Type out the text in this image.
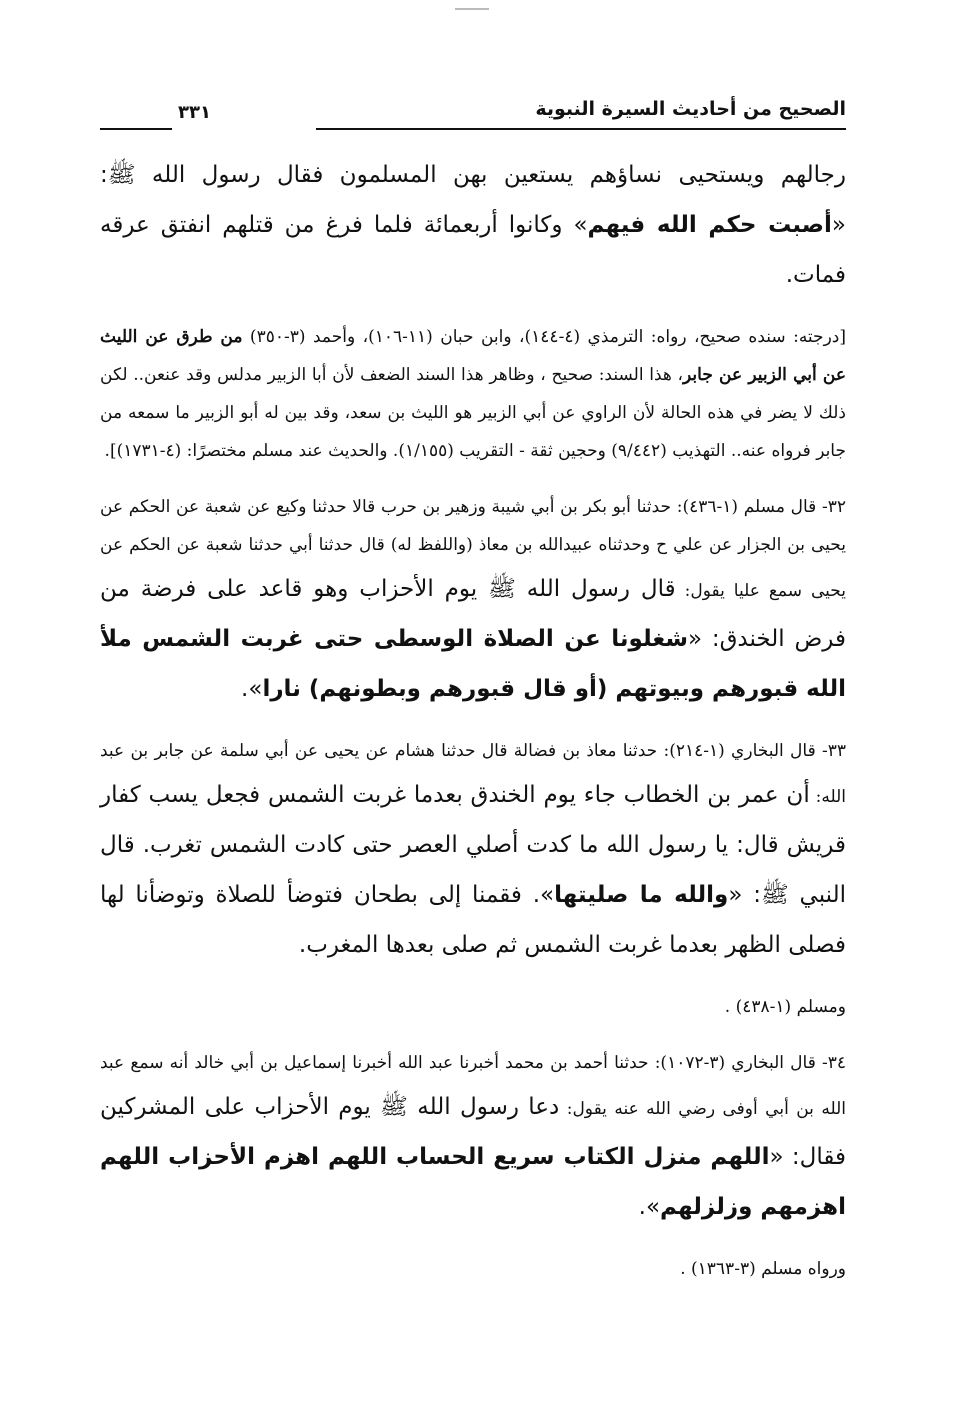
الصحيح من أحاديث السيرة النبوية
٣٣١

رجالهم ويستحيى نساؤهم يستعين بهن المسلمون فقال رسول الله ﷺ: «أصبت حكم الله فيهم» وكانوا أربعمائة فلما فرغ من قتلهم انفتق عرقه فمات.

[درجته: سنده صحيح، رواه: الترمذي (٤-١٤٤)، وابن حبان (١١-١٠٦)، وأحمد (٣-٣٥٠) من طرق عن الليث عن أبي الزبير عن جابر، هذا السند: صحيح ، وظاهر هذا السند الضعف لأن أبا الزبير مدلس وقد عنعن.. لكن ذلك لا يضر في هذه الحالة لأن الراوي عن أبي الزبير هو الليث بن سعد، وقد بين له أبو الزبير ما سمعه من جابر فرواه عنه.. التهذيب (٩/٤٤٢) وحجين ثقة - التقريب (١/١٥٥). والحديث عند مسلم مختصرًا: (٤-١٧٣١)].

٣٢- قال مسلم (١-٤٣٦): حدثنا أبو بكر بن أبي شيبة وزهير بن حرب قالا حدثنا وكيع عن شعبة عن الحكم عن يحيى بن الجزار عن علي ح وحدثناه عبيدالله بن معاذ (واللفظ له) قال حدثنا أبي حدثنا شعبة عن الحكم عن يحيى سمع عليا يقول: قال رسول الله ﷺ يوم الأحزاب وهو قاعد على فرضة من فرض الخندق: «شغلونا عن الصلاة الوسطى حتى غربت الشمس ملأ الله قبورهم وبيوتهم (أو قال قبورهم وبطونهم) نارا».

٣٣- قال البخاري (١-٢١٤): حدثنا معاذ بن فضالة قال حدثنا هشام عن يحيى عن أبي سلمة عن جابر بن عبد الله: أن عمر بن الخطاب جاء يوم الخندق بعدما غربت الشمس فجعل يسب كفار قريش قال: يا رسول الله ما كدت أصلي العصر حتى كادت الشمس تغرب. قال النبي ﷺ: «والله ما صليتها». فقمنا إلى بطحان فتوضأ للصلاة وتوضأنا لها فصلى الظهر بعدما غربت الشمس ثم صلى بعدها المغرب.

ومسلم (١-٤٣٨) .

٣٤- قال البخاري (٣-١٠٧٢): حدثنا أحمد بن محمد أخبرنا عبد الله أخبرنا إسماعيل بن أبي خالد أنه سمع عبد الله بن أبي أوفى رضي الله عنه يقول: دعا رسول الله ﷺ يوم الأحزاب على المشركين فقال: «اللهم منزل الكتاب سريع الحساب اللهم اهزم الأحزاب اللهم اهزمهم وزلزلهم».

ورواه مسلم (٣-١٣٦٣) .
